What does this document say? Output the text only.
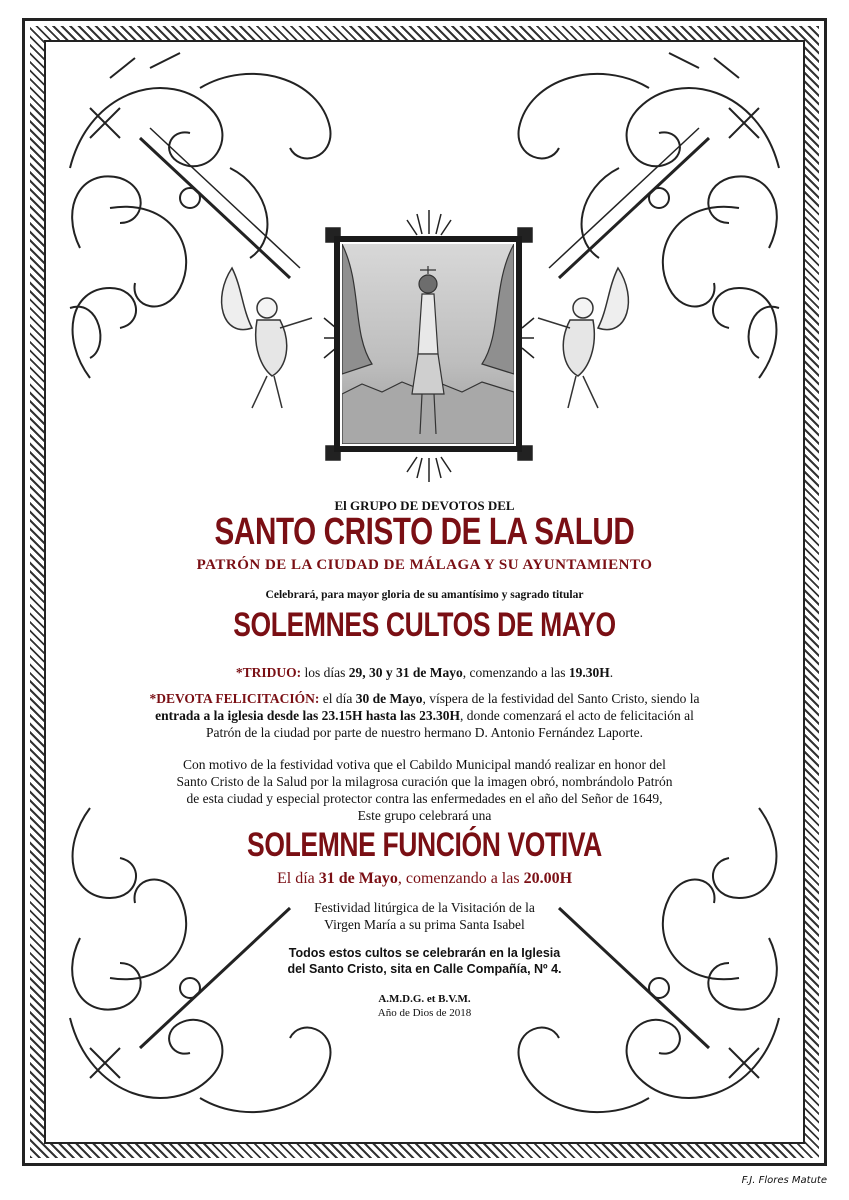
El GRUPO DE DEVOTOS DEL
SANTO CRISTO DE LA SALUD
PATRÓN DE LA CIUDAD DE MÁLAGA Y SU AYUNTAMIENTO
Celebrará, para mayor gloria de su amantísimo y sagrado titular
SOLEMNES CULTOS DE MAYO
*TRIDUO: los días 29, 30 y 31 de Mayo, comenzando a las 19.30H.
*DEVOTA FELICITACIÓN: el día 30 de Mayo, víspera de la festividad del Santo Cristo, siendo la
entrada a la iglesia desde las 23.15H hasta las 23.30H, donde comenzará el acto de felicitación al
Patrón de la ciudad por parte de nuestro hermano D. Antonio Fernández Laporte.
Con motivo de la festividad votiva que el Cabildo Municipal mandó realizar en honor del
Santo Cristo de la Salud por la milagrosa curación que la imagen obró, nombrándolo Patrón
de esta ciudad y especial protector contra las enfermedades en el año del Señor de 1649,
Este grupo celebrará una
SOLEMNE FUNCIÓN VOTIVA
El día 31 de Mayo, comenzando a las 20.00H
Festividad litúrgica de la Visitación de la
Virgen María a su prima Santa Isabel
Todos estos cultos se celebrarán en la Iglesia
del Santo Cristo, sita en Calle Compañía, Nº 4.
A.M.D.G. et B.V.M.
Año de Dios de 2018
F.J. Flores Matute
